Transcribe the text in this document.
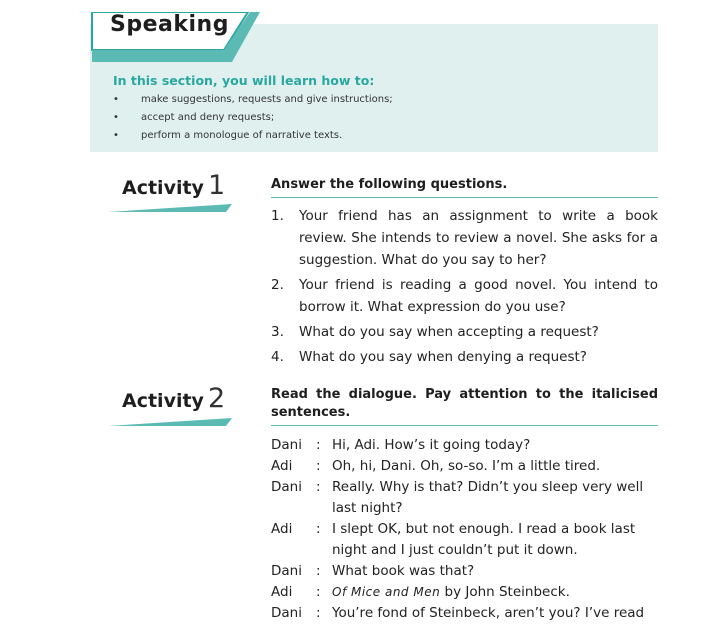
Speaking
In this section, you will learn how to:
• make suggestions, requests and give instructions;
• accept and deny requests;
• perform a monologue of narrative texts.
Activity 1	Answer the following questions.
1. Your friend has an assignment to write a book review. She intends to review a novel. She asks for a suggestion. What do you say to her?
2. Your friend is reading a good novel. You intend to borrow it. What expression do you use?
3. What do you say when accepting a request?
4. What do you say when denying a request?
Activity 2	Read the dialogue. Pay attention to the italicised sentences.
Dani	: Hi, Adi. How’s it going today?
Adi	: Oh, hi, Dani. Oh, so-so. I’m a little tired.
Dani	: Really. Why is that? Didn’t you sleep very well last night?
Adi	: I slept OK, but not enough. I read a book last night and I just couldn’t put it down.
Dani	: What book was that?
Adi	: Of Mice and Men by John Steinbeck.
Dani	: You’re fond of Steinbeck, aren’t you? I’ve read
